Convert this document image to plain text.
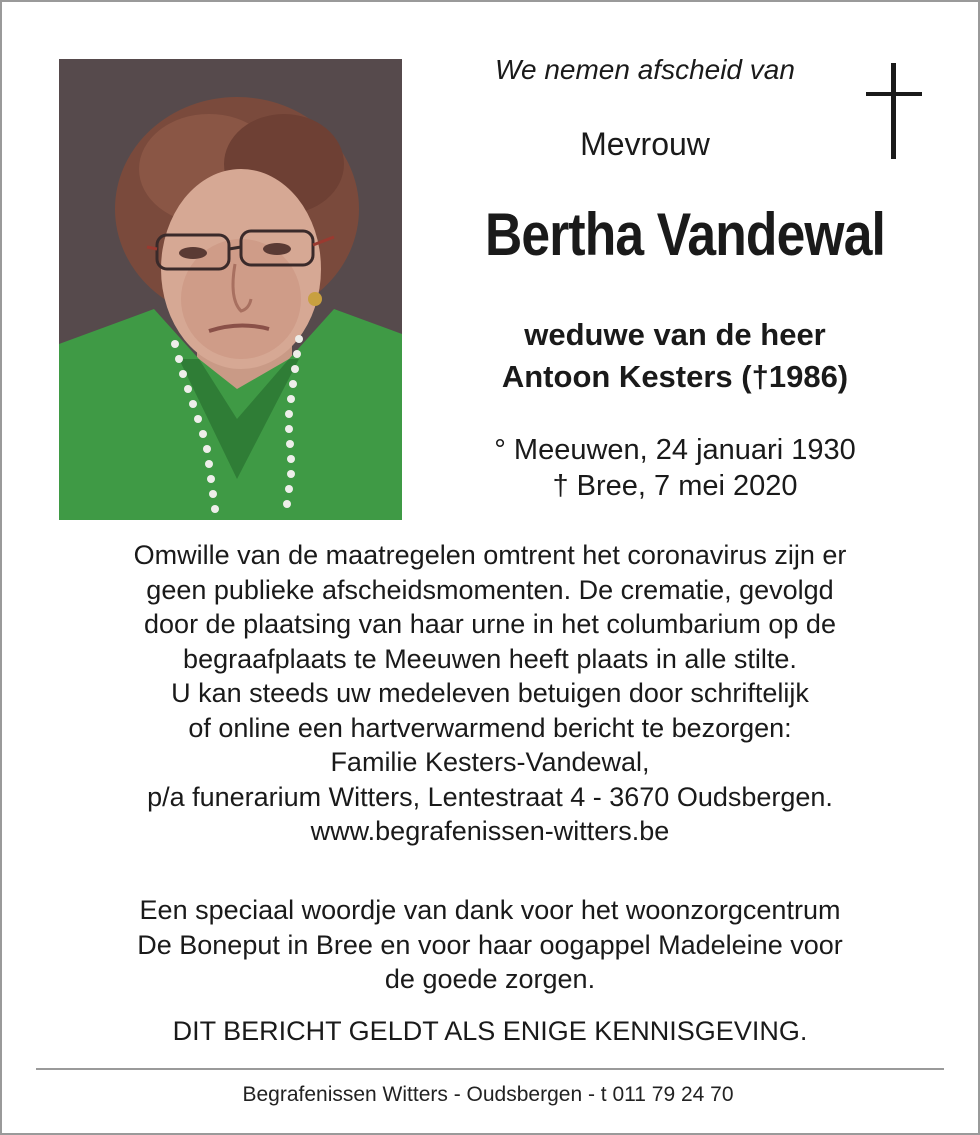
We nemen afscheid van
Mevrouw
Bertha Vandewal
weduwe van de heer
Antoon Kesters (†1986)
° Meeuwen, 24 januari 1930
† Bree, 7 mei 2020
Omwille van de maatregelen omtrent het coronavirus zijn er
geen publieke afscheidsmomenten. De crematie, gevolgd
door de plaatsing van haar urne in het columbarium op de
begraafplaats te Meeuwen heeft plaats in alle stilte.
U kan steeds uw medeleven betuigen door schriftelijk
of online een hartverwarmend bericht te bezorgen:
Familie Kesters-Vandewal,
p/a funerarium Witters, Lentestraat 4 - 3670 Oudsbergen.
www.begrafenissen-witters.be
Een speciaal woordje van dank voor het woonzorgcentrum
De Boneput in Bree en voor haar oogappel Madeleine voor
de goede zorgen.
DIT BERICHT GELDT ALS ENIGE KENNISGEVING.
Begrafenissen Witters - Oudsbergen - t 011 79 24 70
